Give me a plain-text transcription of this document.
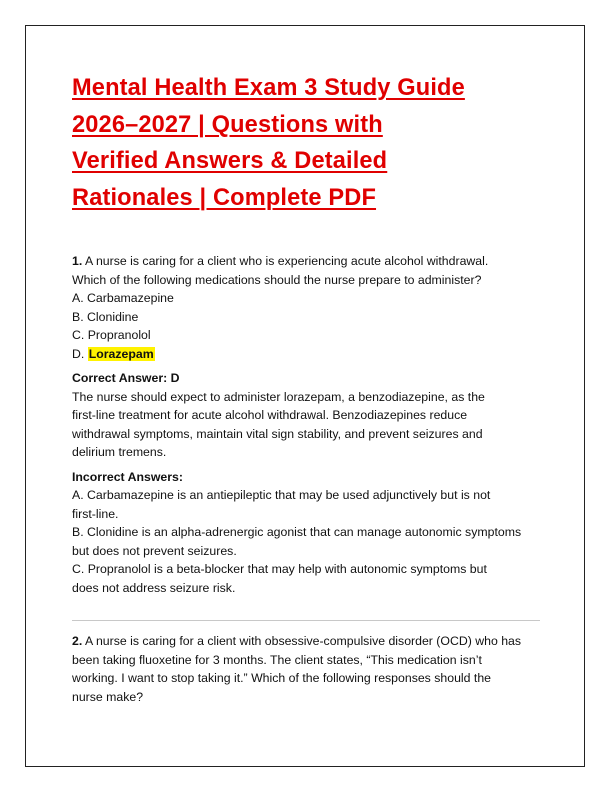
Mental Health Exam 3 Study Guide
2026–2027 | Questions with
Verified Answers & Detailed
Rationales | Complete PDF
1. A nurse is caring for a client who is experiencing acute alcohol withdrawal.
Which of the following medications should the nurse prepare to administer?
A. Carbamazepine
B. Clonidine
C. Propranolol
D. Lorazepam
Correct Answer: D
The nurse should expect to administer lorazepam, a benzodiazepine, as the
first-line treatment for acute alcohol withdrawal. Benzodiazepines reduce
withdrawal symptoms, maintain vital sign stability, and prevent seizures and
delirium tremens.
Incorrect Answers:
A. Carbamazepine is an antiepileptic that may be used adjunctively but is not
first-line.
B. Clonidine is an alpha-adrenergic agonist that can manage autonomic symptoms
but does not prevent seizures.
C. Propranolol is a beta-blocker that may help with autonomic symptoms but
does not address seizure risk.
2. A nurse is caring for a client with obsessive-compulsive disorder (OCD) who has
been taking fluoxetine for 3 months. The client states, “This medication isn’t
working. I want to stop taking it.” Which of the following responses should the
nurse make?
